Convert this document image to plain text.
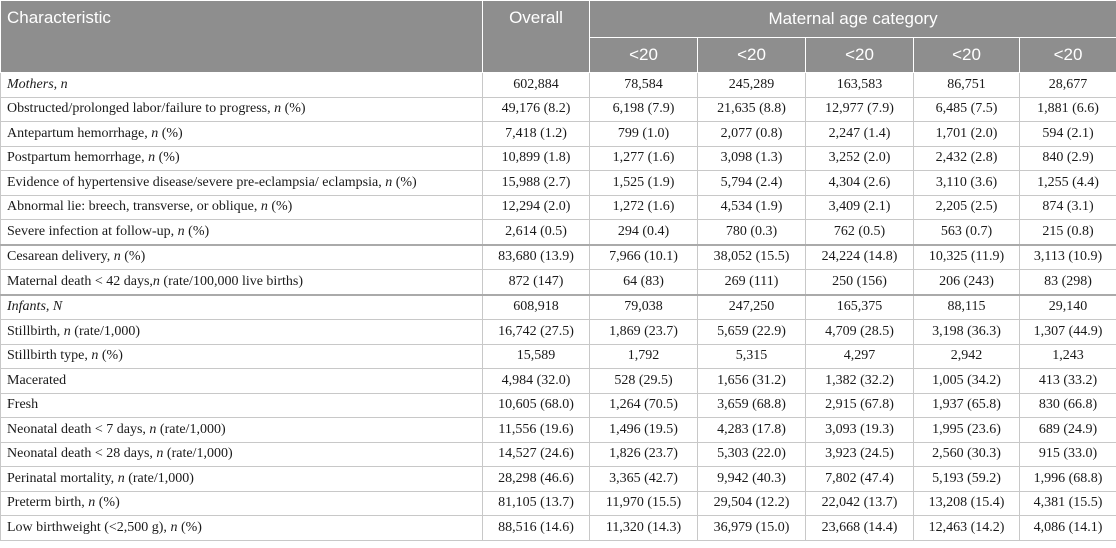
Characteristic	Overall	Maternal age category				
		<20	<20	<20	<20	<20
Mothers, n	602,884	78,584	245,289	163,583	86,751	28,677
Obstructed/prolonged labor/failure to progress, n (%)	49,176 (8.2)	6,198 (7.9)	21,635 (8.8)	12,977 (7.9)	6,485 (7.5)	1,881 (6.6)
Antepartum hemorrhage, n (%)	7,418 (1.2)	799 (1.0)	2,077 (0.8)	2,247 (1.4)	1,701 (2.0)	594 (2.1)
Postpartum hemorrhage, n (%)	10,899 (1.8)	1,277 (1.6)	3,098 (1.3)	3,252 (2.0)	2,432 (2.8)	840 (2.9)
Evidence of hypertensive disease/severe pre-eclampsia/ eclampsia, n (%)	15,988 (2.7)	1,525 (1.9)	5,794 (2.4)	4,304 (2.6)	3,110 (3.6)	1,255 (4.4)
Abnormal lie: breech, transverse, or oblique, n (%)	12,294 (2.0)	1,272 (1.6)	4,534 (1.9)	3,409 (2.1)	2,205 (2.5)	874 (3.1)
Severe infection at follow-up, n (%)	2,614 (0.5)	294 (0.4)	780 (0.3)	762 (0.5)	563 (0.7)	215 (0.8)
Cesarean delivery, n (%)	83,680 (13.9)	7,966 (10.1)	38,052 (15.5)	24,224 (14.8)	10,325 (11.9)	3,113 (10.9)
Maternal death < 42 days,n (rate/100,000 live births)	872 (147)	64 (83)	269 (111)	250 (156)	206 (243)	83 (298)
Infants, N	608,918	79,038	247,250	165,375	88,115	29,140
Stillbirth, n (rate/1,000)	16,742 (27.5)	1,869 (23.7)	5,659 (22.9)	4,709 (28.5)	3,198 (36.3)	1,307 (44.9)
Stillbirth type, n (%)	15,589	1,792	5,315	4,297	2,942	1,243
Macerated	4,984 (32.0)	528 (29.5)	1,656 (31.2)	1,382 (32.2)	1,005 (34.2)	413 (33.2)
Fresh	10,605 (68.0)	1,264 (70.5)	3,659 (68.8)	2,915 (67.8)	1,937 (65.8)	830 (66.8)
Neonatal death < 7 days, n (rate/1,000)	11,556 (19.6)	1,496 (19.5)	4,283 (17.8)	3,093 (19.3)	1,995 (23.6)	689 (24.9)
Neonatal death < 28 days, n (rate/1,000)	14,527 (24.6)	1,826 (23.7)	5,303 (22.0)	3,923 (24.5)	2,560 (30.3)	915 (33.0)
Perinatal mortality, n (rate/1,000)	28,298 (46.6)	3,365 (42.7)	9,942 (40.3)	7,802 (47.4)	5,193 (59.2)	1,996 (68.8)
Preterm birth, n (%)	81,105 (13.7)	11,970 (15.5)	29,504 (12.2)	22,042 (13.7)	13,208 (15.4)	4,381 (15.5)
Low birthweight (<2,500 g), n (%)	88,516 (14.6)	11,320 (14.3)	36,979 (15.0)	23,668 (14.4)	12,463 (14.2)	4,086 (14.1)
